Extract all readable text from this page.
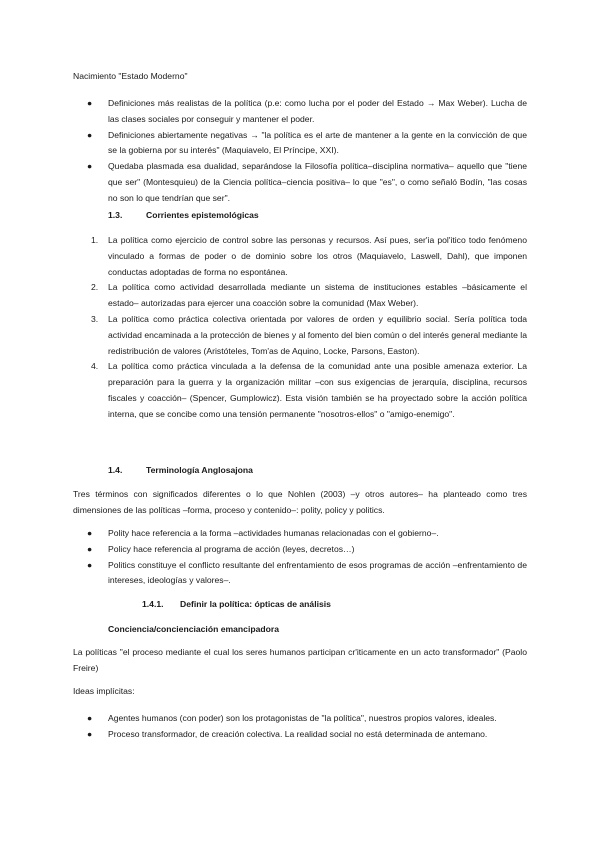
Nacimiento "Estado Moderno"
● Definiciones más realistas de la política (p.e: como lucha por el poder del Estado → Max Weber). Lucha de las clases sociales por conseguir y mantener el poder.
● Definiciones abiertamente negativas → "la política es el arte de mantener a la gente en la convicción de que se la gobierna por su interés" (Maquiavelo, El Príncipe, XXI).
● Quedaba plasmada esa dualidad, separándose la Filosofía política–disciplina normativa– aquello que "tiene que ser" (Montesquieu) de la Ciencia política–ciencia positiva– lo que "es", o como señaló Bodín, "las cosas no son lo que tendrían que ser".
1.3.	Corrientes epistemológicas
1. La política como ejercicio de control sobre las personas y recursos. Así pues, ser'ia pol'itico todo fenómeno vinculado a formas de poder o de dominio sobre los otros (Maquiavelo, Laswell, Dahl), que imponen conductas adoptadas de forma no espontánea.
2. La política como actividad desarrollada mediante un sistema de instituciones estables –básicamente el estado– autorizadas para ejercer una coacción sobre la comunidad (Max Weber).
3. La política como práctica colectiva orientada por valores de orden y equilibrio social. Sería política toda actividad encaminada a la protección de bienes y al fomento del bien común o del interés general mediante la redistribución de valores (Aristóteles, Tom'as de Aquino, Locke, Parsons, Easton).
4. La política como práctica vinculada a la defensa de la comunidad ante una posible amenaza exterior. La preparación para la guerra y la organización militar –con sus exigencias de jerarquía, disciplina, recursos fiscales y coacción– (Spencer, Gumplowicz). Esta visión también se ha proyectado sobre la acción política interna, que se concibe como una tensión permanente "nosotros-ellos" o "amigo-enemigo".
1.4.	Terminología Anglosajona
Tres términos con significados diferentes o lo que Nohlen (2003) –y otros autores– ha planteado como tres dimensiones de las políticas –forma, proceso y contenido–: polity, policy y politics.
● Polity hace referencia a la forma –actividades humanas relacionadas con el gobierno–.
● Policy hace referencia al programa de acción (leyes, decretos…)
● Politics constituye el conflicto resultante del enfrentamiento de esos programas de acción –enfrentamiento de intereses, ideologías y valores–.
1.4.1. Definir la política: ópticas de análisis
Conciencia/concienciación emancipadora
La políticas "el proceso mediante el cual los seres humanos participan cr'iticamente en un acto transformador" (Paolo Freire)
Ideas implícitas:
● Agentes humanos (con poder) son los protagonistas de "la política", nuestros propios valores, ideales.
● Proceso transformador, de creación colectiva. La realidad social no está determinada de antemano.
